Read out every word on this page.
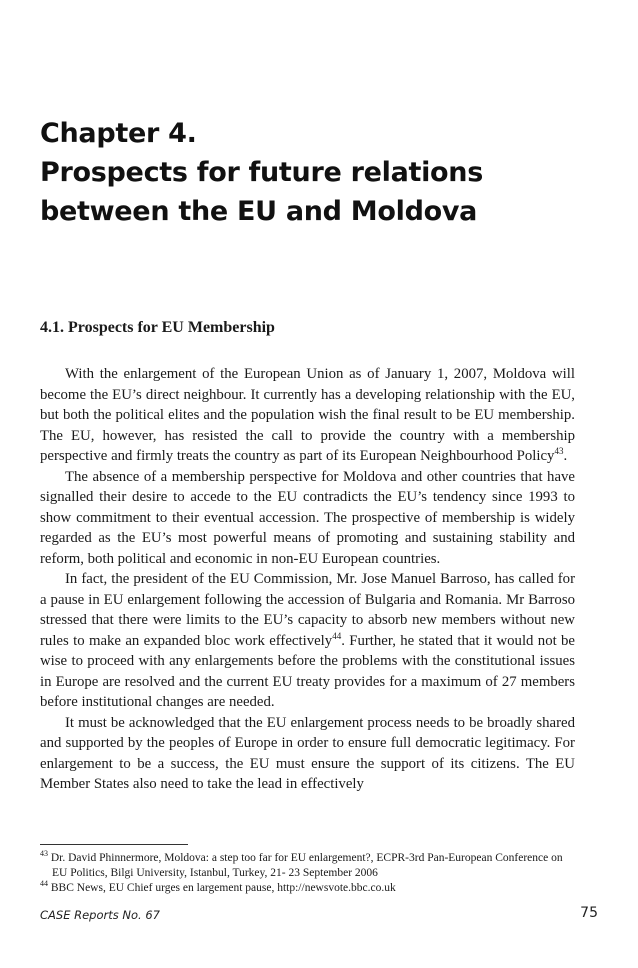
Chapter 4.
Prospects for future relations
between the EU and Moldova
4.1. Prospects for EU Membership

With the enlargement of the European Union as of January 1, 2007, Moldova will become the EU’s direct neighbour. It currently has a developing relationship with the EU, but both the political elites and the population wish the final result to be EU membership. The EU, however, has resisted the call to provide the country with a membership perspective and firmly treats the country as part of its European Neighbourhood Policy$^{43}$.

The absence of a membership perspective for Moldova and other countries that have signalled their desire to accede to the EU contradicts the EU’s tendency since 1993 to show commitment to their eventual accession. The prospective of membership is widely regarded as the EU’s most powerful means of promoting and sustaining stability and reform, both political and economic in non-EU European countries.

In fact, the president of the EU Commission, Mr. Jose Manuel Barroso, has called for a pause in EU enlargement following the accession of Bulgaria and Romania. Mr Barroso stressed that there were limits to the EU’s capacity to absorb new members without new rules to make an expanded bloc work effectively$^{44}$. Further, he stated that it would not be wise to proceed with any enlargements before the problems with the constitutional issues in Europe are resolved and the current EU treaty provides for a maximum of 27 members before institutional changes are needed.

It must be acknowledged that the EU enlargement process needs to be broadly shared and supported by the peoples of Europe in order to ensure full democratic legitimacy. For enlargement to be a success, the EU must ensure the support of its citizens. The EU Member States also need to take the lead in effectively

$^{43}$ Dr. David Phinnermore, Moldova: a step too far for EU enlargement?, ECPR-3rd Pan-European Conference on EU Politics, Bilgi University, Istanbul, Turkey, 21- 23 September 2006
$^{44}$ BBC News, EU Chief urges en largement pause, http://newsvote.bbc.co.uk
CASE Reports No. 67	75
